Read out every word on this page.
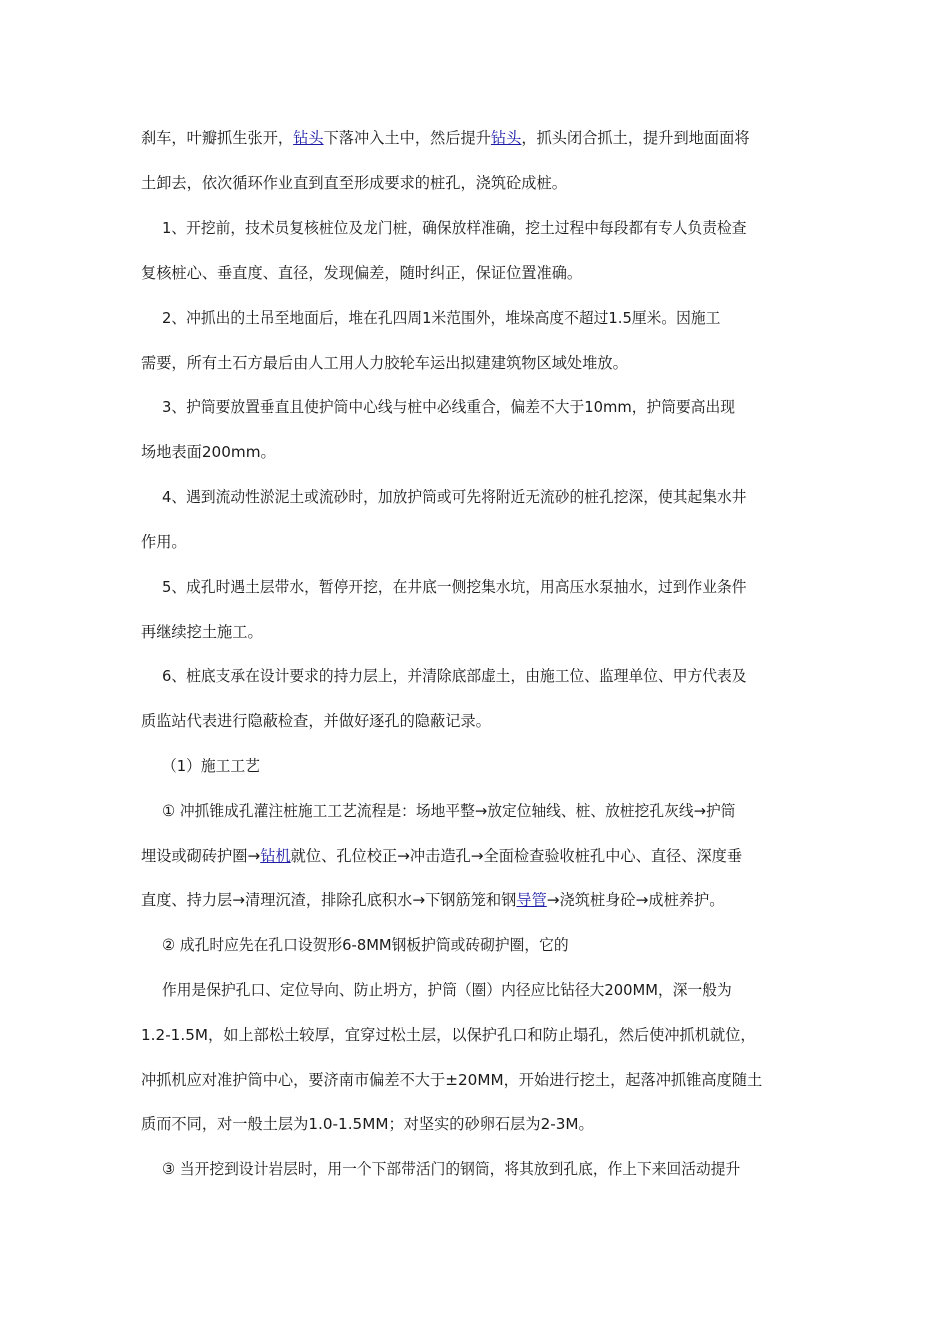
刹车，叶瓣抓生张开，钻头下落冲入土中，然后提升钻头，抓头闭合抓土，提升到地面面将
土卸去，依次循环作业直到直至形成要求的桩孔，浇筑砼成桩。
1、开挖前，技术员复核桩位及龙门桩，确保放样准确，挖土过程中每段都有专人负责检查
复核桩心、垂直度、直径，发现偏差，随时纠正，保证位置准确。
2、冲抓出的土吊至地面后，堆在孔四周1米范围外，堆垛高度不超过1.5厘米。因施工
需要，所有土石方最后由人工用人力胶轮车运出拟建建筑物区域处堆放。
3、护筒要放置垂直且使护筒中心线与桩中必线重合，偏差不大于10mm，护筒要高出现
场地表面200mm。
4、遇到流动性淤泥土或流砂时，加放护筒或可先将附近无流砂的桩孔挖深，使其起集水井
作用。
5、成孔时遇土层带水，暂停开挖，在井底一侧挖集水坑，用高压水泵抽水，过到作业条件
再继续挖土施工。
6、桩底支承在设计要求的持力层上，并清除底部虚土，由施工位、监理单位、甲方代表及
质监站代表进行隐蔽检查，并做好逐孔的隐蔽记录。
（1）施工工艺
① 冲抓锥成孔灌注桩施工工艺流程是：场地平整→放定位轴线、桩、放桩挖孔灰线→护筒
埋设或砌砖护圈→钻机就位、孔位校正→冲击造孔→全面检查验收桩孔中心、直径、深度垂
直度、持力层→清理沉渣，排除孔底积水→下钢筋笼和钢导管→浇筑桩身砼→成桩养护。
② 成孔时应先在孔口设贺形6-8MM钢板护筒或砖砌护圈，它的
作用是保护孔口、定位导向、防止坍方，护筒（圈）内径应比钻径大200MM，深一般为
1.2-1.5M，如上部松土较厚，宜穿过松土层，以保护孔口和防止塌孔，然后使冲抓机就位，
冲抓机应对准护筒中心，要济南市偏差不大于±20MM，开始进行挖土，起落冲抓锥高度随土
质而不同，对一般土层为1.0-1.5MM；对坚实的砂卵石层为2-3M。
③ 当开挖到设计岩层时，用一个下部带活门的钢筒，将其放到孔底，作上下来回活动提升
